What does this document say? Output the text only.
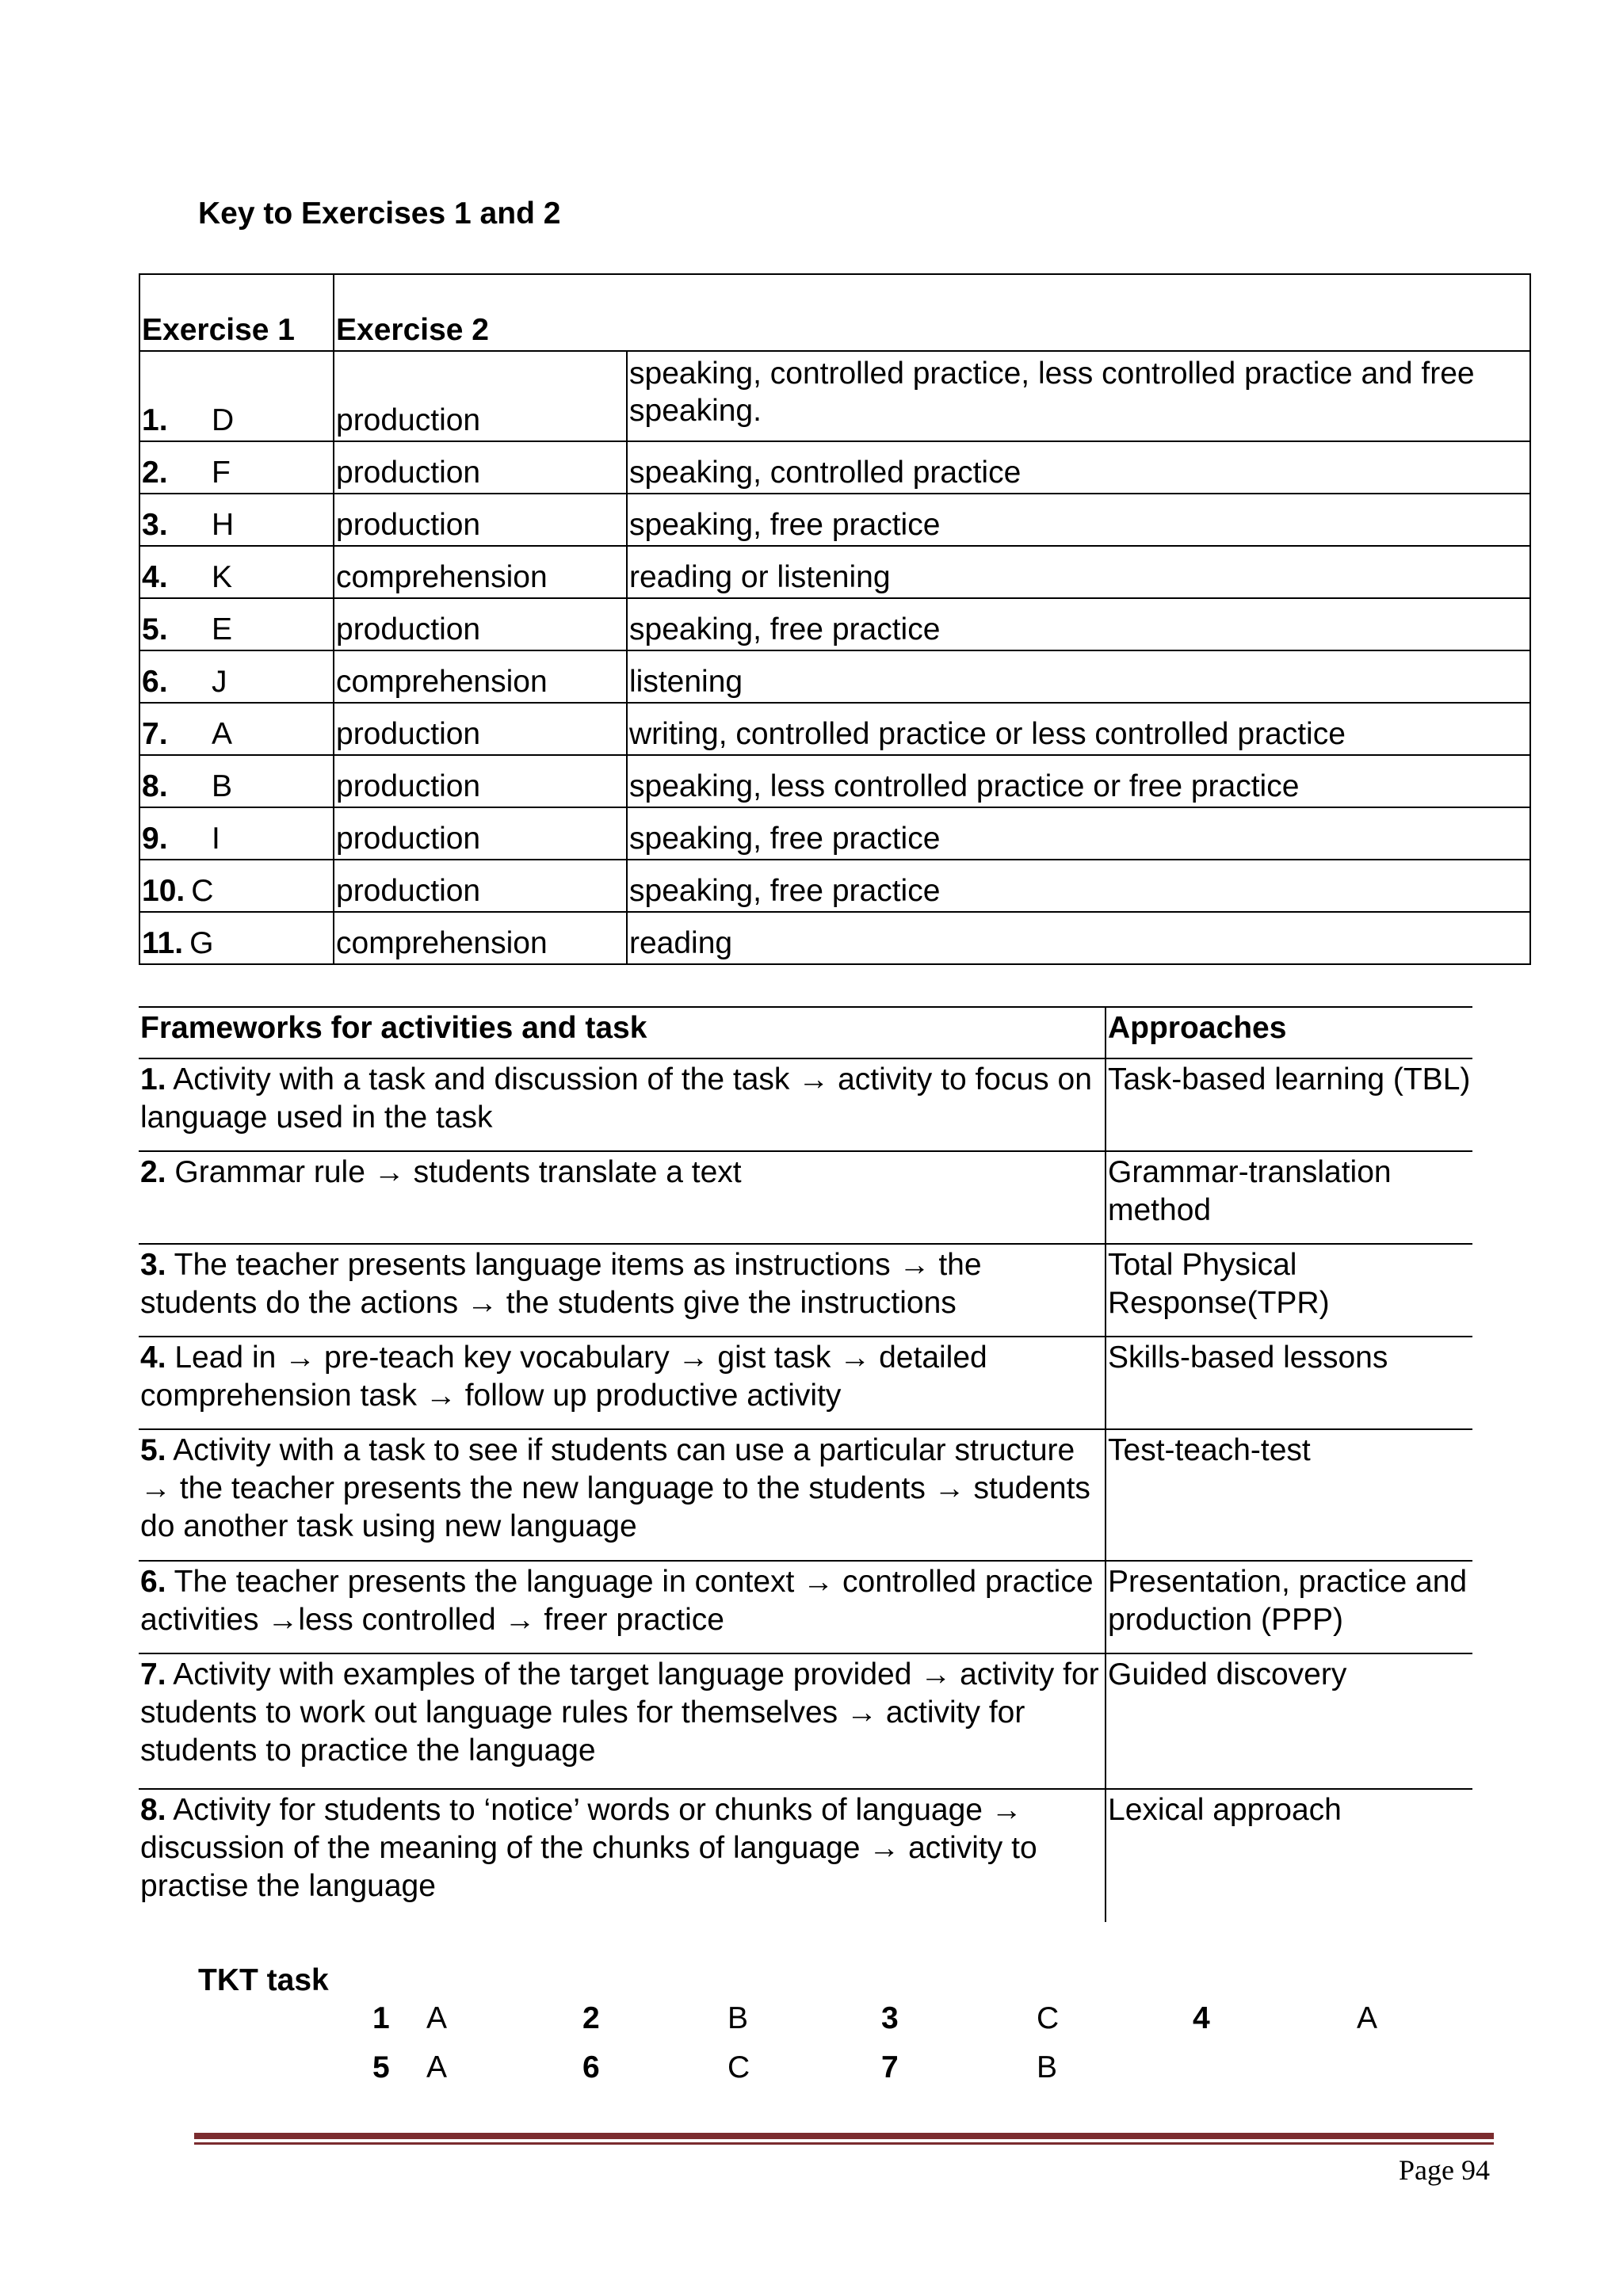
Key to Exercises 1 and 2
Exercise 1	Exercise 2	
1. D	production	speaking, controlled practice, less controlled practice and free speaking.
2. F	production	speaking, controlled practice
3. H	production	speaking, free practice
4. K	comprehension	reading or listening
5. E	production	speaking, free practice
6. J	comprehension	listening
7. A	production	writing, controlled practice or less controlled practice
8. B	production	speaking, less controlled practice or free practice
9. I	production	speaking, free practice
10. C	production	speaking, free practice
11. G	comprehension	reading
Frameworks for activities and task	Approaches
1. Activity with a task and discussion of the task → activity to focus on language used in the task	Task-based learning (TBL)
2. Grammar rule → students translate a text	Grammar-translation method
3. The teacher presents language items as instructions → the students do the actions → the students give the instructions	Total Physical Response(TPR)
4. Lead in → pre-teach key vocabulary → gist task → detailed comprehension task → follow up productive activity	Skills-based lessons
5. Activity with a task to see if students can use a particular structure → the teacher presents the new language to the students → students do another task using new language	Test-teach-test
6. The teacher presents the language in context → controlled practice activities →less controlled → freer practice	Presentation, practice and production (PPP)
7. Activity with examples of the target language provided → activity for students to work out language rules for themselves → activity for students to practice the language	Guided discovery
8. Activity for students to ‘notice’ words or chunks of language → discussion of the meaning of the chunks of language → activity to practise the language	Lexical approach
TKT task
1 A	2	B	3	C	4	A
5 A	6	C	7	B
Page 94
